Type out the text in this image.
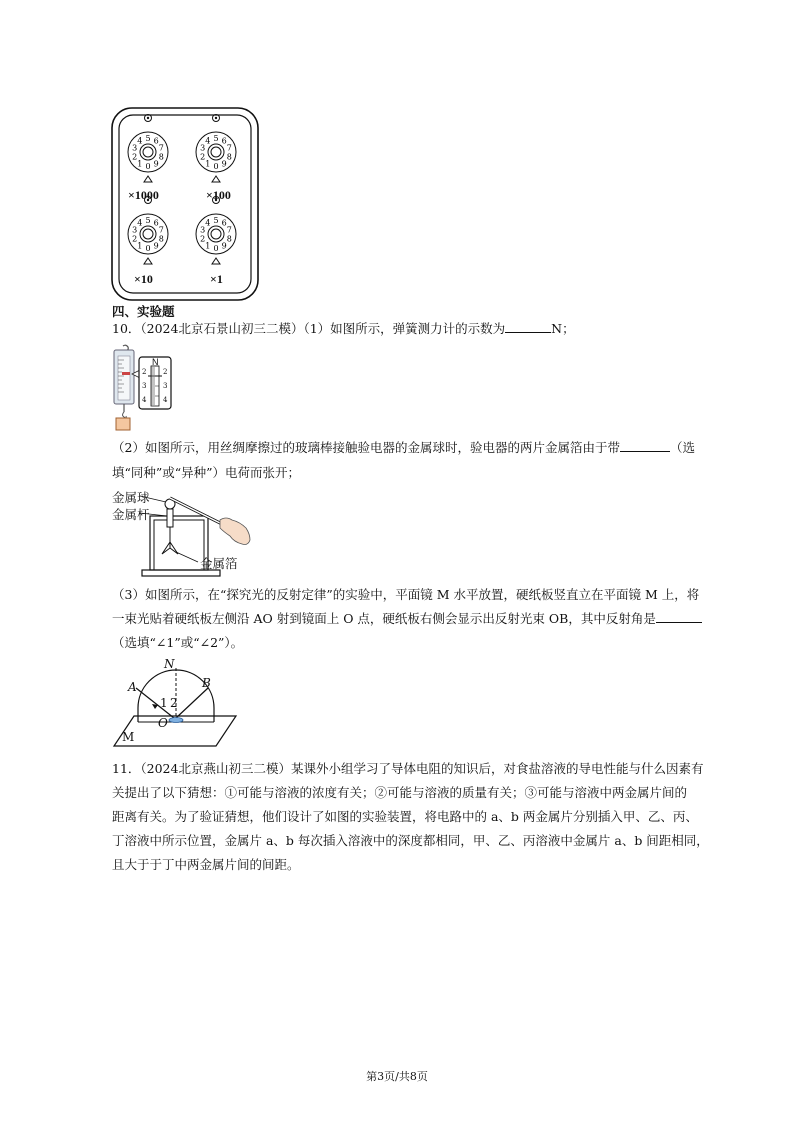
0
1
2
3
4 5 6
7
8
9	0
1
2
3
4 5 6
7
8
9
0
1
2
3
4 5 6
7
8
9	0
1
2
3
4 5 6
7
8
9
×1000	×100
×10	×1
四、实验题
10．（2024北京石景山初三二模）（1）如图所示，弹簧测力计的示数为	N；
N
2
3
4
2
3
4
（2）如图所示，用丝绸摩擦过的玻璃棒接触验电器的金属球时，验电器的两片金属箔由于带	（选
填“同种”或“异种”）电荷而张开；
金属球
金属杆
金属箔
（3）如图所示，在“探究光的反射定律”的实验中，平面镜 M 水平放置，硬纸板竖直立在平面镜 M 上，将
一束光贴着硬纸板左侧沿 AO 射到镜面上 O 点，硬纸板右侧会显示出反射光束 OB，其中反射角是
（选填“∠1”或“∠2”）。
N
A	B
1 2
O
M
11．（2024北京燕山初三二模）某课外小组学习了导体电阻的知识后，对食盐溶液的导电性能与什么因素有
关提出了以下猜想：①可能与溶液的浓度有关；②可能与溶液的质量有关；③可能与溶液中两金属片间的
距离有关。为了验证猜想，他们设计了如图的实验装置，将电路中的 a、b 两金属片分别插入甲、乙、丙、
丁溶液中所示位置，金属片 a、b 每次插入溶液中的深度都相同，甲、乙、丙溶液中金属片 a、b 间距相同，
且大于于丁中两金属片间的间距。
第3页/共8页
